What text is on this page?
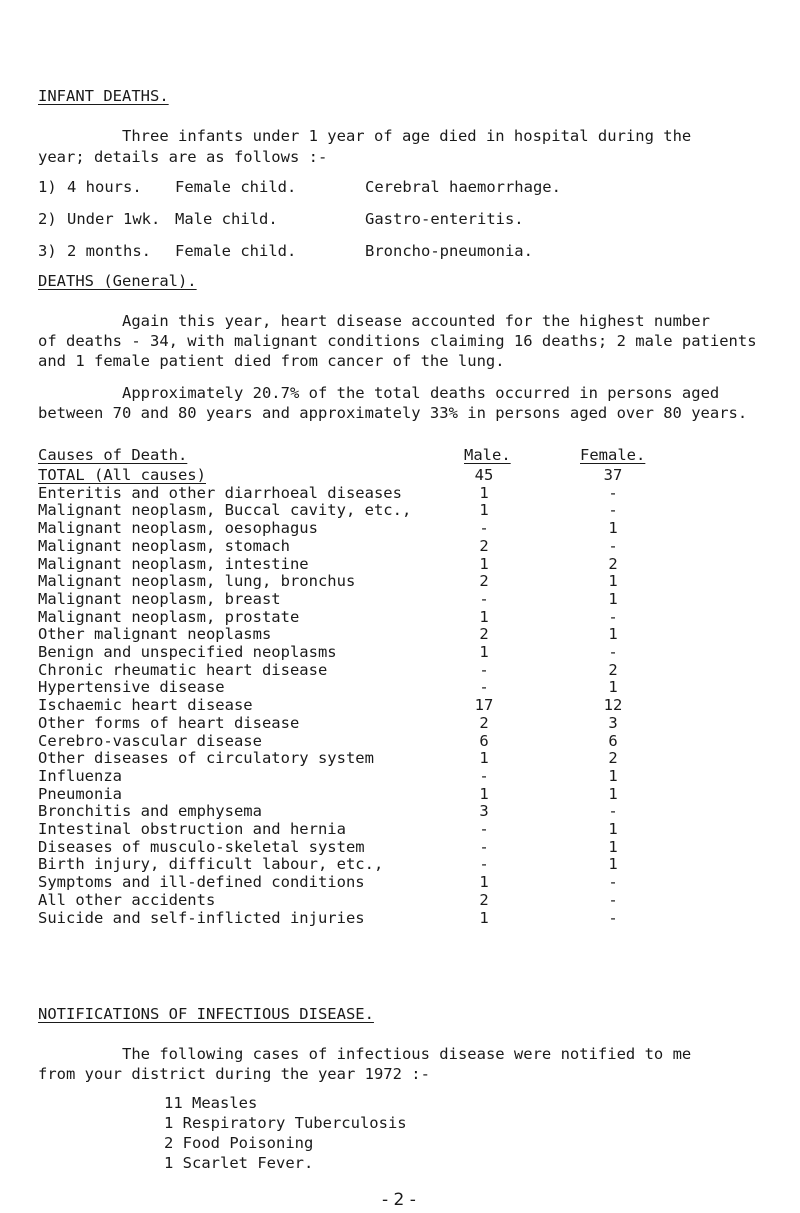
INFANT DEATHS.
Three infants under 1 year of age died in hospital during the
year; details are as follows :-
1) 4 hours. Female child.	Cerebral haemorrhage.
2) Under 1wk. Male child.	Gastro-enteritis.
3) 2 months. Female child.	Broncho-pneumonia.
DEATHS (General).
Again this year, heart disease accounted for the highest number
of deaths - 34, with malignant conditions claiming 16 deaths; 2 male patients
and 1 female patient died from cancer of the lung.
Approximately 20.7% of the total deaths occurred in persons aged
between 70 and 80 years and approximately 33% in persons aged over 80 years.
Causes of Death.	Male.	Female.
TOTAL (All causes)	45	37
Enteritis and other diarrhoeal diseases	1	-
Malignant neoplasm, Buccal cavity, etc.,	1	-
Malignant neoplasm, oesophagus	-	1
Malignant neoplasm, stomach	2	-
Malignant neoplasm, intestine	1	2
Malignant neoplasm, lung, bronchus	2	1
Malignant neoplasm, breast	-	1
Malignant neoplasm, prostate	1	-
Other malignant neoplasms	2	1
Benign and unspecified neoplasms	1	-
Chronic rheumatic heart disease	-	2
Hypertensive disease	-	1
Ischaemic heart disease	17	12
Other forms of heart disease	2	3
Cerebro-vascular disease	6	6
Other diseases of circulatory system	1	2
Influenza	-	1
Pneumonia	1	1
Bronchitis and emphysema	3	-
Intestinal obstruction and hernia	-	1
Diseases of musculo-skeletal system	-	1
Birth injury, difficult labour, etc.,	-	1
Symptoms and ill-defined conditions	1	-
All other accidents	2	-
Suicide and self-inflicted injuries	1	-
NOTIFICATIONS OF INFECTIOUS DISEASE.
The following cases of infectious disease were notified to me
from your district during the year 1972 :-
11 Measles
1 Respiratory Tuberculosis
2 Food Poisoning
1 Scarlet Fever.
- 2 -
